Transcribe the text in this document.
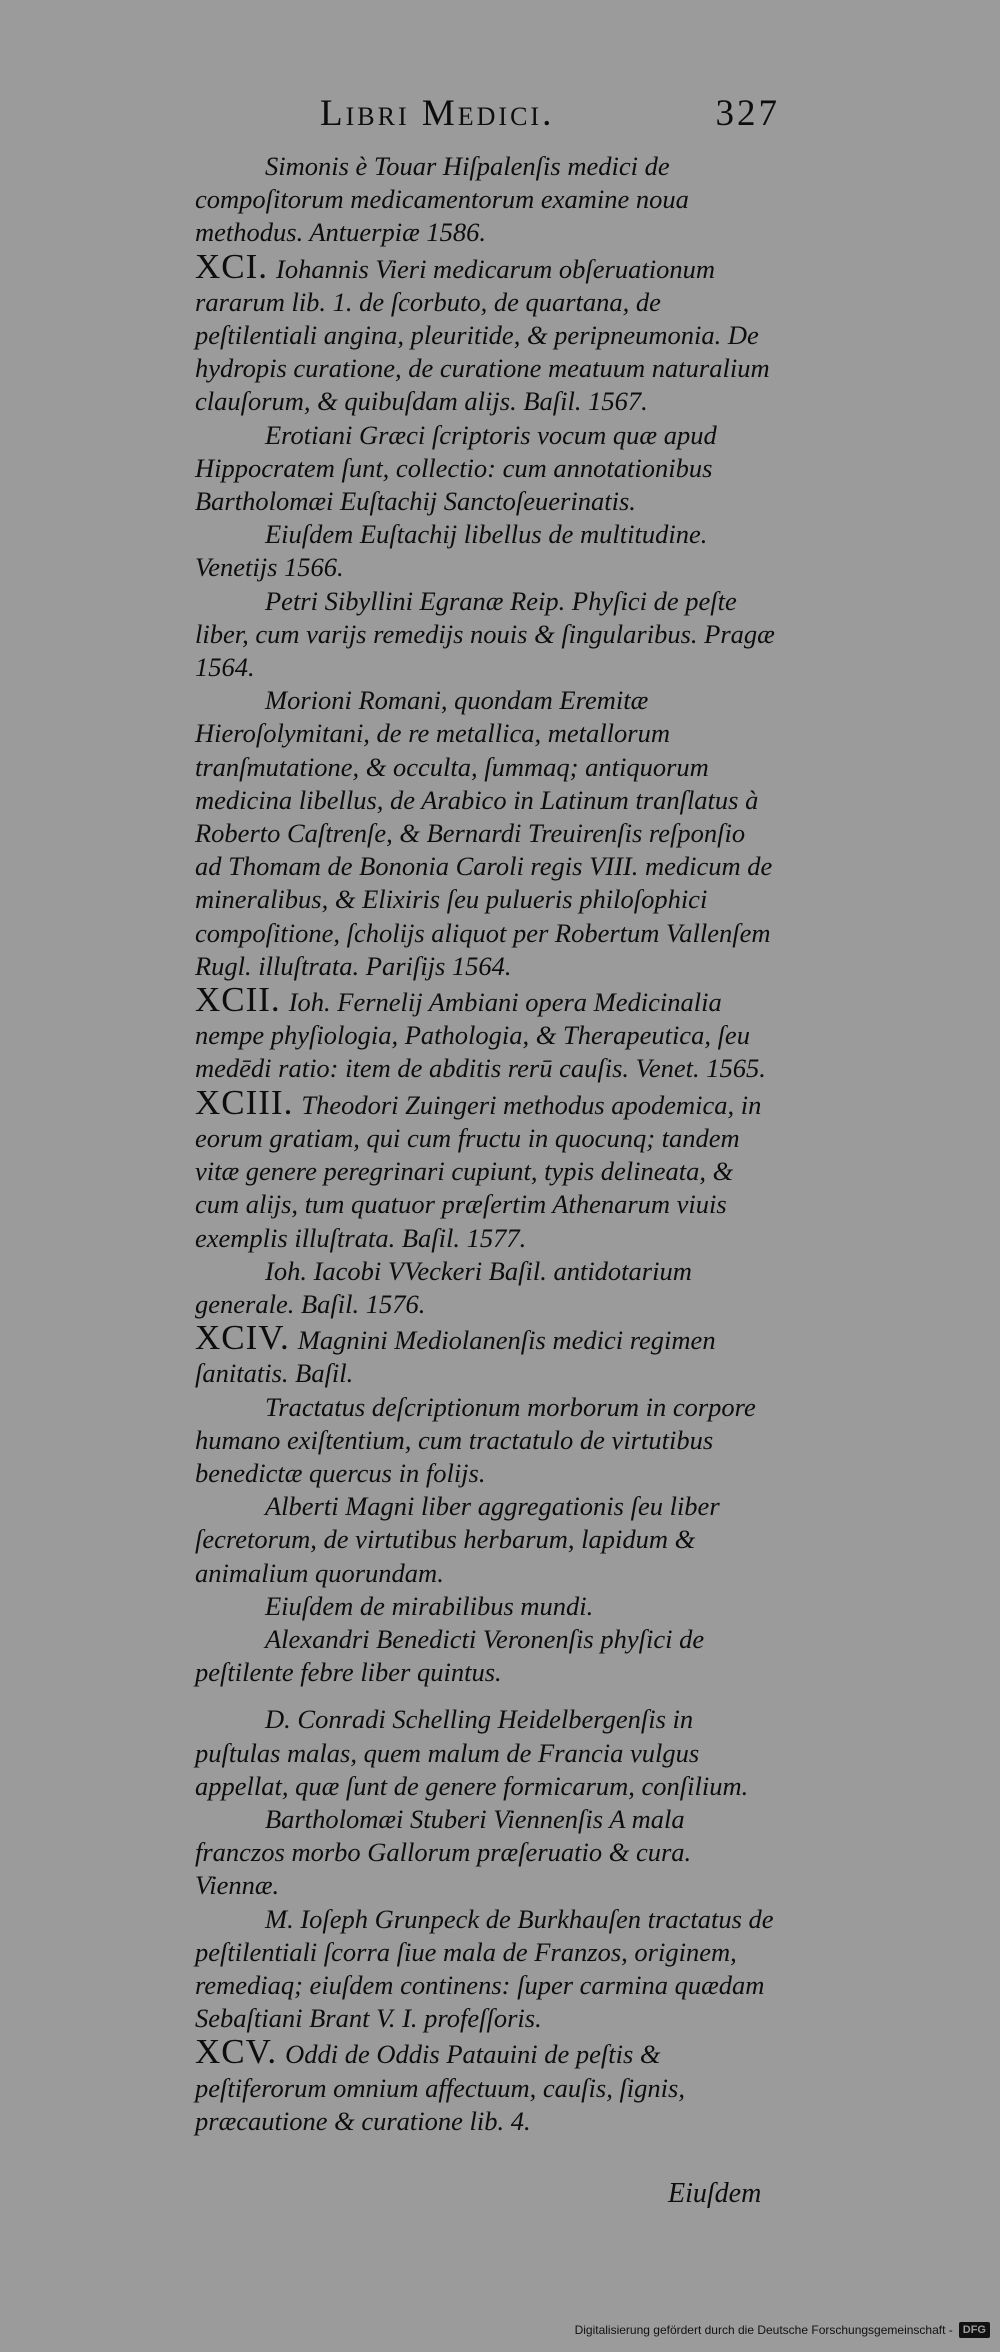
Libri Medici.	327
Simonis è Touar Hiſpalenſis medici de compoſitorum medicamentorum examine noua methodus. Antuerpiæ 1586.
XCI. Iohannis Vieri medicarum obſeruationum rararum lib. 1. de ſcorbuto, de quartana, de peſtilentiali angina, pleuritide, & peripneumonia. De hydropis curatione, de curatione meatuum naturalium clauſorum, & quibuſdam alijs. Baſil. 1567.
Erotiani Græci ſcriptoris vocum quæ apud Hippocratem ſunt, collectio: cum annotationibus Bartholomæi Euſtachij Sanctoſeuerinatis.
Eiuſdem Euſtachij libellus de multitudine. Venetijs 1566.
Petri Sibyllini Egranæ Reip. Phyſici de peſte liber, cum varijs remedijs nouis & ſingularibus. Pragæ 1564.
Morioni Romani, quondam Eremitæ Hieroſolymitani, de re metallica, metallorum tranſmutatione, & occulta, ſummaq; antiquorum medicina libellus, de Arabico in Latinum tranſlatus à Roberto Caſtrenſe, & Bernardi Treuirenſis reſponſio ad Thomam de Bononia Caroli regis VIII. medicum de mineralibus, & Elixiris ſeu pulueris philoſophici compoſitione, ſcholijs aliquot per Robertum Vallenſem Rugl. illuſtrata. Pariſijs 1564.
XCII. Ioh. Fernelij Ambiani opera Medicinalia nempe phyſiologia, Pathologia, & Therapeutica, ſeu medēdi ratio: item de abditis rerū cauſis. Venet. 1565.
XCIII. Theodori Zuingeri methodus apodemica, in eorum gratiam, qui cum fructu in quocunq; tandem vitæ genere peregrinari cupiunt, typis delineata, & cum alijs, tum quatuor præſertim Athenarum viuis exemplis illuſtrata. Baſil. 1577.
Ioh. Iacobi VVeckeri Baſil. antidotarium generale. Baſil. 1576.
XCIV. Magnini Mediolanenſis medici regimen ſanitatis. Baſil.
Tractatus deſcriptionum morborum in corpore humano exiſtentium, cum tractatulo de virtutibus benedictæ quercus in folijs.
Alberti Magni liber aggregationis ſeu liber ſecretorum, de virtutibus herbarum, lapidum & animalium quorundam.
Eiuſdem de mirabilibus mundi.
Alexandri Benedicti Veronenſis phyſici de peſtilente febre liber quintus.
D. Conradi Schelling Heidelbergenſis in puſtulas malas, quem malum de Francia vulgus appellat, quæ ſunt de genere formicarum, conſilium.
Bartholomæi Stuberi Viennenſis A mala franczos morbo Gallorum præſeruatio & cura. Viennæ.
M. Ioſeph Grunpeck de Burkhauſen tractatus de peſtilentiali ſcorra ſiue mala de Franzos, originem, remediaq; eiuſdem continens: ſuper carmina quædam Sebaſtiani Brant V. I. profeſſoris.
XCV. Oddi de Oddis Patauini de peſtis & peſtiferorum omnium affectuum, cauſis, ſignis, præcautione & curatione lib. 4.
Eiuſdem
Digitalisierung gefördert durch die Deutsche Forschungsgemeinschaft - DFG
